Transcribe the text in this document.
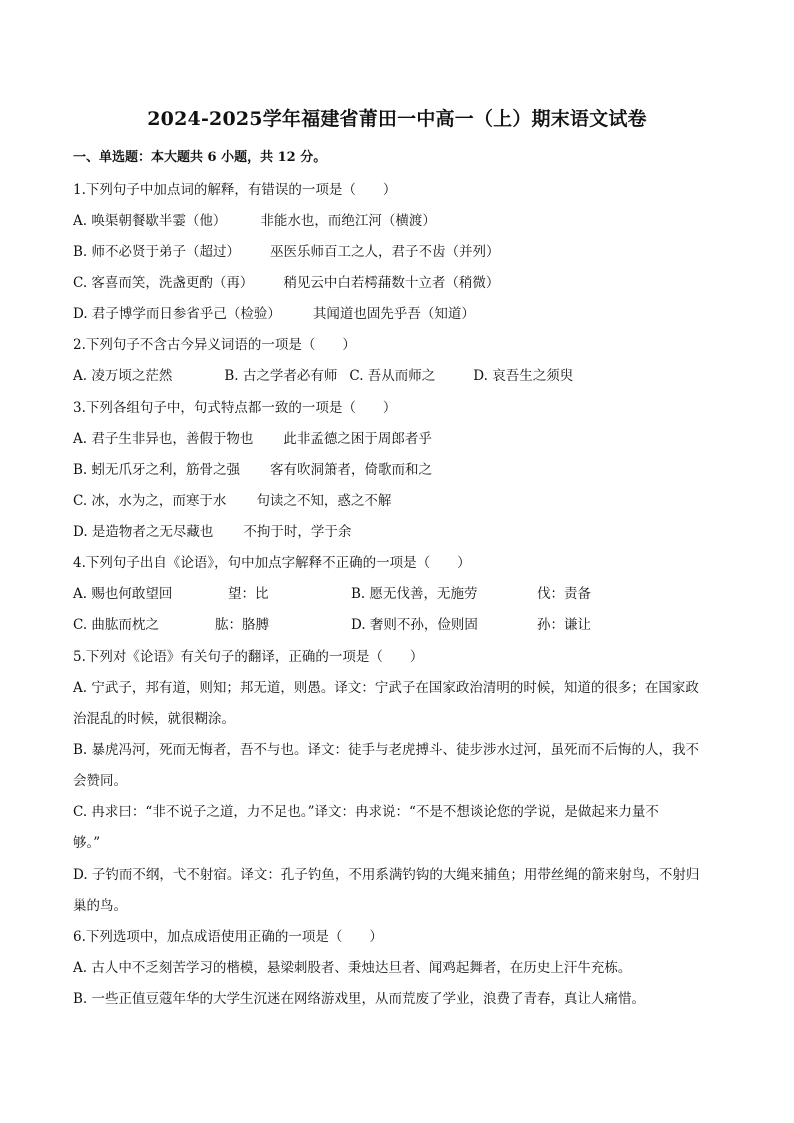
2024-2025学年福建省莆田一中高一（上）期末语文试卷
一、单选题：本大题共 6 小题，共 12 分。
1.下列句子中加点词的解释，有错误的一项是（　　）
A. 唤渠朝餐歇半霎（他）	非能水也，而绝江河（横渡）
B. 师不必贤于弟子（超过） 巫医乐师百工之人，君子不齿（并列）
C. 客喜而笑，洗盏更酌（再） 稍见云中白若樗蒱数十立者（稍微）
D. 君子博学而日参省乎己（检验） 其闻道也固先乎吾（知道）
2.下列句子不含古今异义词语的一项是（　　）
A. 凌万顷之茫然	B. 古之学者必有师 C. 吾从而师之	D. 哀吾生之须臾
3.下列各组句子中，句式特点都一致的一项是（　　）
A. 君子生非异也，善假于物也 此非孟德之困于周郎者乎
B. 蚓无爪牙之利，筋骨之强 客有吹洞箫者，倚歌而和之
C. 冰，水为之，而寒于水 句读之不知，惑之不解
D. 是造物者之无尽藏也 不拘于时，学于余
4.下列句子出自《论语》，句中加点字解释不正确的一项是（　　）
A. 赐也何敢望回	望：比	B. 愿无伐善，无施劳	伐：责备
C. 曲肱而枕之	肱：胳膊	D. 奢则不孙，俭则固	孙：谦让
5.下列对《论语》有关句子的翻译，正确的一项是（　　）
A. 宁武子，邦有道，则知；邦无道，则愚。译文：宁武子在国家政治清明的时候，知道的很多；在国家政
治混乱的时候，就很糊涂。
B. 暴虎冯河，死而无悔者，吾不与也。译文：徒手与老虎搏斗、徒步涉水过河，虽死而不后悔的人，我不
会赞同。
C. 冉求曰：“非不说子之道，力不足也。”译文：冉求说：“不是不想谈论您的学说，是做起来力量不
够。”
D. 子钓而不纲，弋不射宿。译文：孔子钓鱼，不用系满钓钩的大绳来捕鱼；用带丝绳的箭来射鸟，不射归
巢的鸟。
6.下列选项中，加点成语使用正确的一项是（　　）
A. 古人中不乏刻苦学习的楷模，悬梁刺股者、秉烛达旦者、闻鸡起舞者，在历史上汗牛充栋。
B. 一些正值豆蔻年华的大学生沉迷在网络游戏里，从而荒废了学业，浪费了青春，真让人痛惜。
